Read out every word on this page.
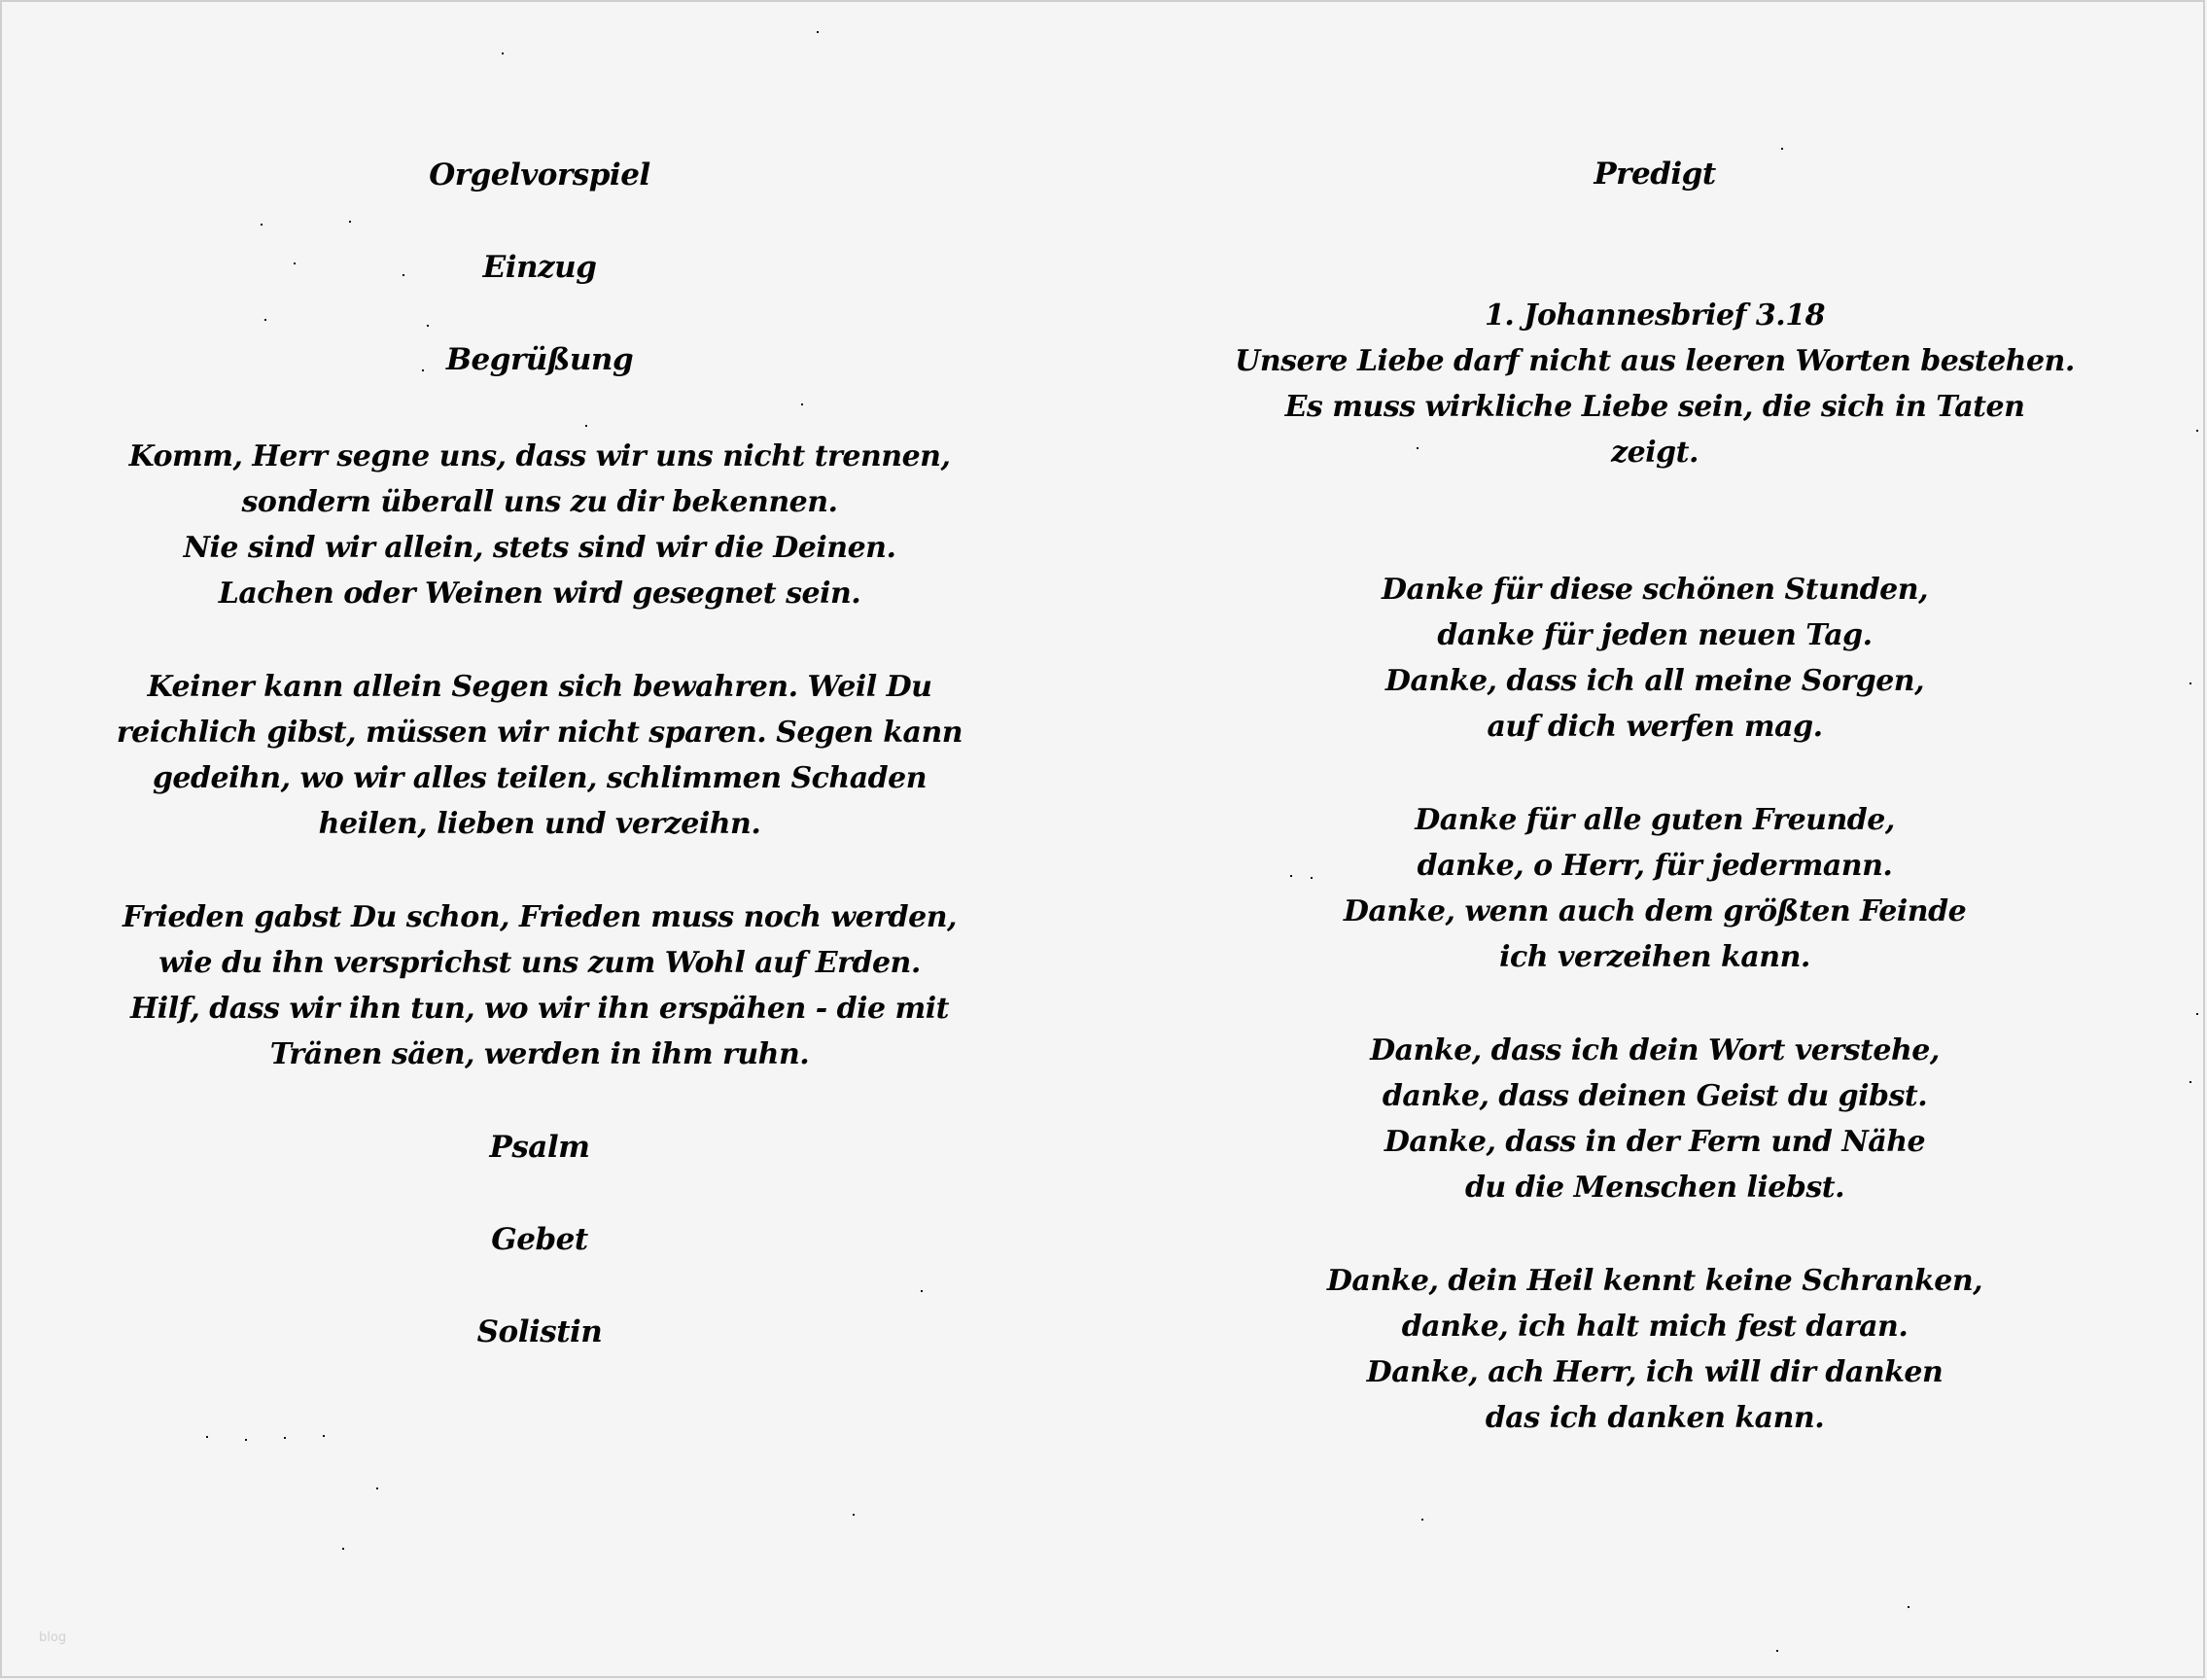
Orgelvorspiel
Einzug
Begrüßung
Komm, Herr segne uns, dass wir uns nicht trennen,
sondern überall uns zu dir bekennen.
Nie sind wir allein, stets sind wir die Deinen.
Lachen oder Weinen wird gesegnet sein.
Keiner kann allein Segen sich bewahren. Weil Du
reichlich gibst, müssen wir nicht sparen. Segen kann
gedeihn, wo wir alles teilen, schlimmen Schaden
heilen, lieben und verzeihn.
Frieden gabst Du schon, Frieden muss noch werden,
wie du ihn versprichst uns zum Wohl auf Erden.
Hilf, dass wir ihn tun, wo wir ihn erspähen - die mit
Tränen säen, werden in ihm ruhn.
Psalm
Gebet
Solistin
Predigt
1. Johannesbrief 3.18
Unsere Liebe darf nicht aus leeren Worten bestehen.
Es muss wirkliche Liebe sein, die sich in Taten
zeigt.
Danke für diese schönen Stunden,
danke für jeden neuen Tag.
Danke, dass ich all meine Sorgen,
auf dich werfen mag.
Danke für alle guten Freunde,
danke, o Herr, für jedermann.
Danke, wenn auch dem größten Feinde
ich verzeihen kann.
Danke, dass ich dein Wort verstehe,
danke, dass deinen Geist du gibst.
Danke, dass in der Fern und Nähe
du die Menschen liebst.
Danke, dein Heil kennt keine Schranken,
danke, ich halt mich fest daran.
Danke, ach Herr, ich will dir danken
das ich danken kann.
blog
